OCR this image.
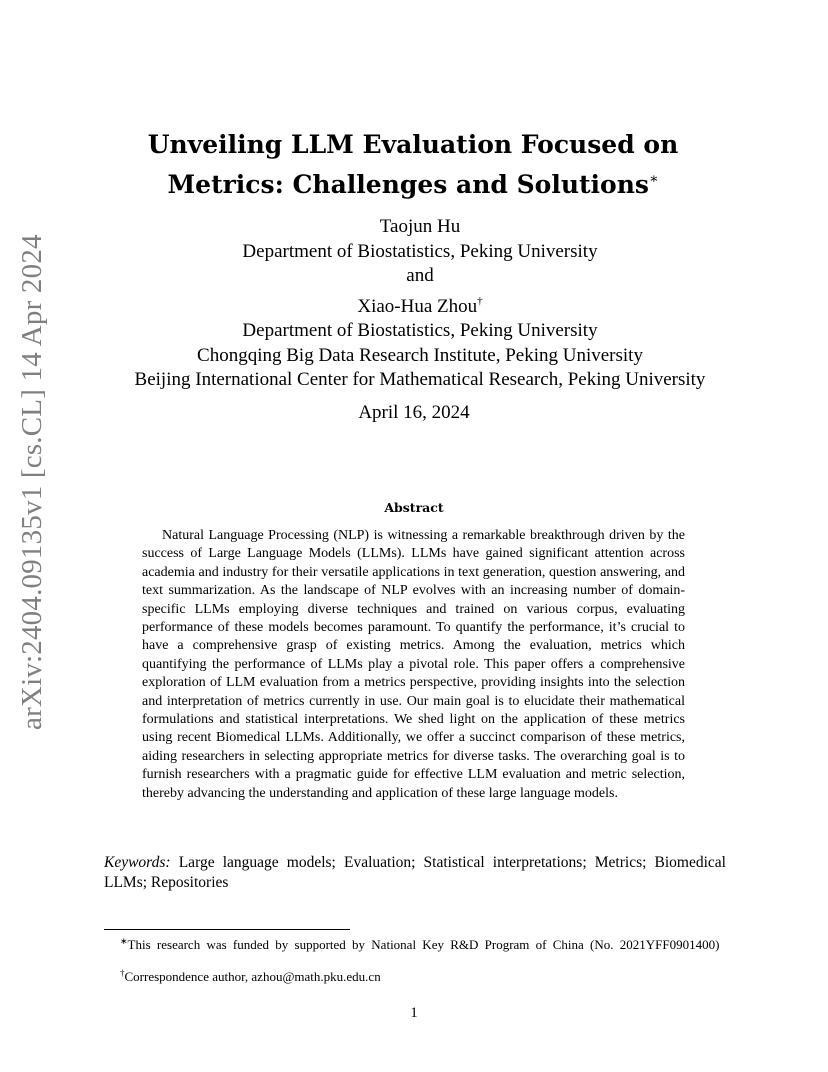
arXiv:2404.09135v1 [cs.CL] 14 Apr 2024
Unveiling LLM Evaluation Focused on
Metrics: Challenges and Solutions∗
Taojun Hu
Department of Biostatistics, Peking University
and
Xiao-Hua Zhou†
Department of Biostatistics, Peking University
Chongqing Big Data Research Institute, Peking University
Beijing International Center for Mathematical Research, Peking University
April 16, 2024
Abstract
Natural Language Processing (NLP) is witnessing a remarkable breakthrough driven by the success of Large Language Models (LLMs). LLMs have gained significant attention across academia and industry for their versatile applications in text generation, question answering, and text summarization. As the landscape of NLP evolves with an increasing number of domain-specific LLMs employing diverse techniques and trained on various corpus, evaluating performance of these models becomes paramount. To quantify the performance, it’s crucial to have a comprehensive grasp of existing metrics. Among the evaluation, metrics which quantifying the performance of LLMs play a pivotal role. This paper offers a comprehensive exploration of LLM evaluation from a metrics perspective, providing insights into the selection and interpretation of metrics currently in use. Our main goal is to elucidate their mathematical formulations and statistical interpretations. We shed light on the application of these metrics using recent Biomedical LLMs. Additionally, we offer a succinct comparison of these metrics, aiding researchers in selecting appropriate metrics for diverse tasks. The overarching goal is to furnish researchers with a pragmatic guide for effective LLM evaluation and metric selection, thereby advancing the understanding and application of these large language models.
Keywords: Large language models; Evaluation; Statistical interpretations; Metrics; Biomedical LLMs; Repositories
∗This research was funded by supported by National Key R&D Program of China (No. 2021YFF0901400)
†Correspondence author, azhou@math.pku.edu.cn
1
